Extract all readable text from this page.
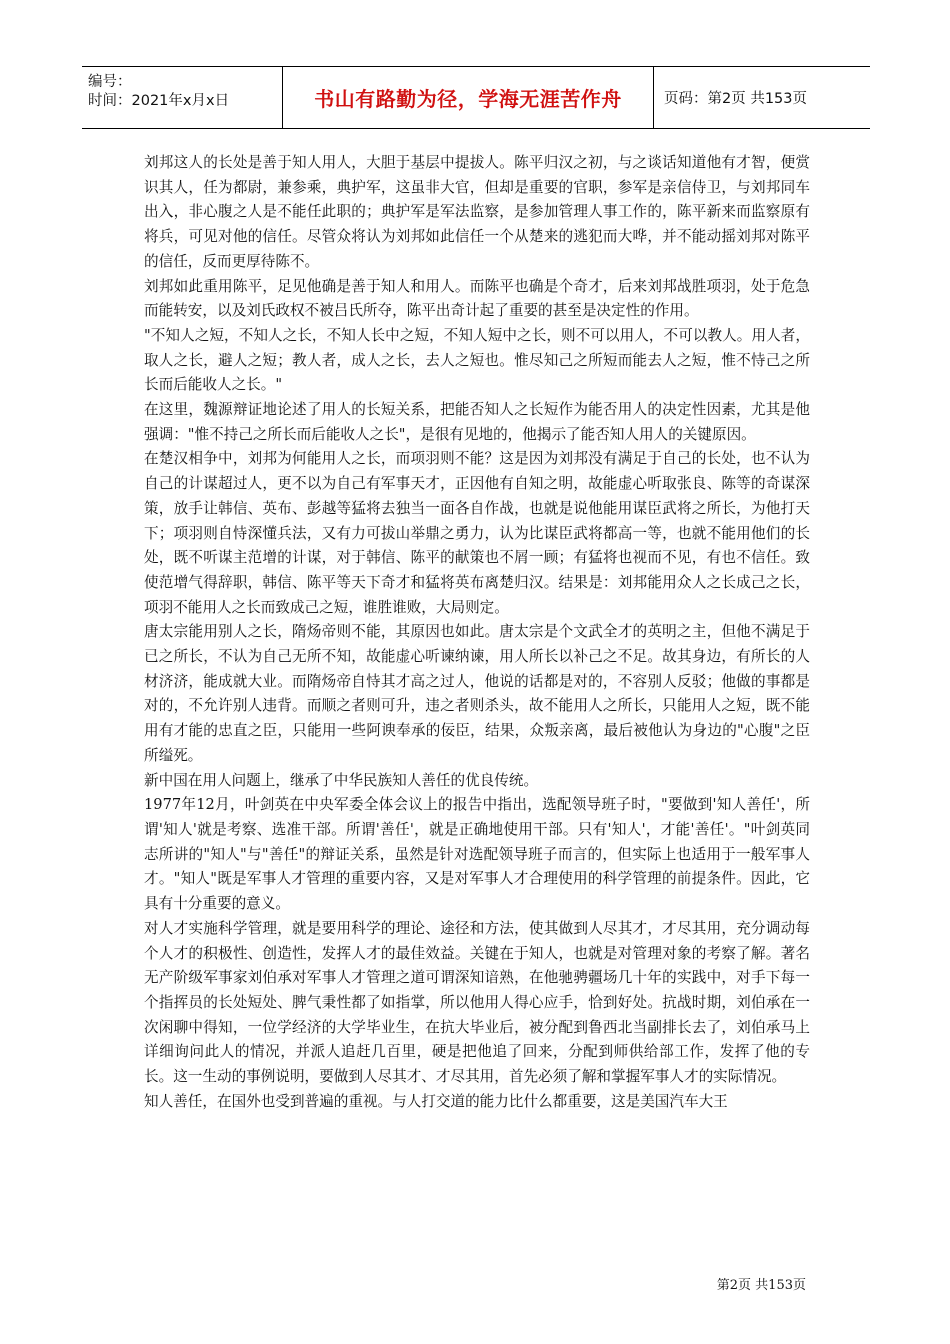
编号：
时间：2021年x月x日	书山有路勤为径，学海无涯苦作舟	页码：第2页 共153页

刘邦这人的长处是善于知人用人，大胆于基层中提拔人。陈平归汉之初，与之谈话知道他有才智，便赏识其人，任为都尉，兼参乘，典护军，这虽非大官，但却是重要的官职，参军是亲信侍卫，与刘邦同车出入，非心腹之人是不能任此职的；典护军是军法监察，是参加管理人事工作的，陈平新来而监察原有将兵，可见对他的信任。尽管众将认为刘邦如此信任一个从楚来的逃犯而大哗，并不能动摇刘邦对陈平的信任，反而更厚待陈不。

刘邦如此重用陈平，足见他确是善于知人和用人。而陈平也确是个奇才，后来刘邦战胜项羽，处于危急而能转安，以及刘氏政权不被吕氏所夺，陈平出奇计起了重要的甚至是决定性的作用。

"不知人之短，不知人之长，不知人长中之短，不知人短中之长，则不可以用人，不可以教人。用人者，取人之长，避人之短；教人者，成人之长，去人之短也。惟尽知己之所短而能去人之短，惟不恃己之所长而后能收人之长。"

在这里，魏源辩证地论述了用人的长短关系，把能否知人之长短作为能否用人的决定性因素，尤其是他强调："惟不持己之所长而后能收人之长"，是很有见地的，他揭示了能否知人用人的关键原因。

在楚汉相争中，刘邦为何能用人之长，而项羽则不能？这是因为刘邦没有满足于自己的长处，也不认为自己的计谋超过人，更不以为自己有军事天才，正因他有自知之明，故能虚心听取张良、陈等的奇谋深策，放手让韩信、英布、彭越等猛将去独当一面各自作战，也就是说他能用谋臣武将之所长，为他打天下；项羽则自恃深懂兵法，又有力可拔山举鼎之勇力，认为比谋臣武将都高一等，也就不能用他们的长处，既不听谋主范增的计谋，对于韩信、陈平的献策也不屑一顾；有猛将也视而不见，有也不信任。致使范增气得辞职，韩信、陈平等天下奇才和猛将英布离楚归汉。结果是：刘邦能用众人之长成己之长，项羽不能用人之长而致成己之短，谁胜谁败，大局则定。

唐太宗能用别人之长，隋炀帝则不能，其原因也如此。唐太宗是个文武全才的英明之主，但他不满足于已之所长，不认为自己无所不知，故能虚心听谏纳谏，用人所长以补己之不足。故其身边，有所长的人材济济，能成就大业。而隋炀帝自恃其才高之过人，他说的话都是对的，不容别人反驳；他做的事都是对的，不允许别人违背。而顺之者则可升，违之者则杀头，故不能用人之所长，只能用人之短，既不能用有才能的忠直之臣，只能用一些阿谀奉承的佞臣，结果，众叛亲离，最后被他认为身边的"心腹"之臣所缢死。

新中国在用人问题上，继承了中华民族知人善任的优良传统。

1977年12月，叶剑英在中央军委全体会议上的报告中指出，选配领导班子时，"要做到'知人善任'，所谓'知人'就是考察、选准干部。所谓'善任'，就是正确地使用干部。只有'知人'，才能'善任'。"叶剑英同志所讲的"知人"与"善任"的辩证关系，虽然是针对选配领导班子而言的，但实际上也适用于一般军事人才。"知人"既是军事人才管理的重要内容，又是对军事人才合理使用的科学管理的前提条件。因此，它具有十分重要的意义。

对人才实施科学管理，就是要用科学的理论、途径和方法，使其做到人尽其才，才尽其用，充分调动每个人才的积极性、创造性，发挥人才的最佳效益。关键在于知人，也就是对管理对象的考察了解。著名无产阶级军事家刘伯承对军事人才管理之道可谓深知谙熟，在他驰骋疆场几十年的实践中，对手下每一个指挥员的长处短处、脾气秉性都了如指掌，所以他用人得心应手，恰到好处。抗战时期，刘伯承在一次闲聊中得知，一位学经济的大学毕业生，在抗大毕业后，被分配到鲁西北当副排长去了，刘伯承马上详细询问此人的情况，并派人追赶几百里，硬是把他追了回来，分配到师供给部工作，发挥了他的专长。这一生动的事例说明，要做到人尽其才、才尽其用，首先必须了解和掌握军事人才的实际情况。

知人善任，在国外也受到普遍的重视。与人打交道的能力比什么都重要，这是美国汽车大王

第2页 共153页
